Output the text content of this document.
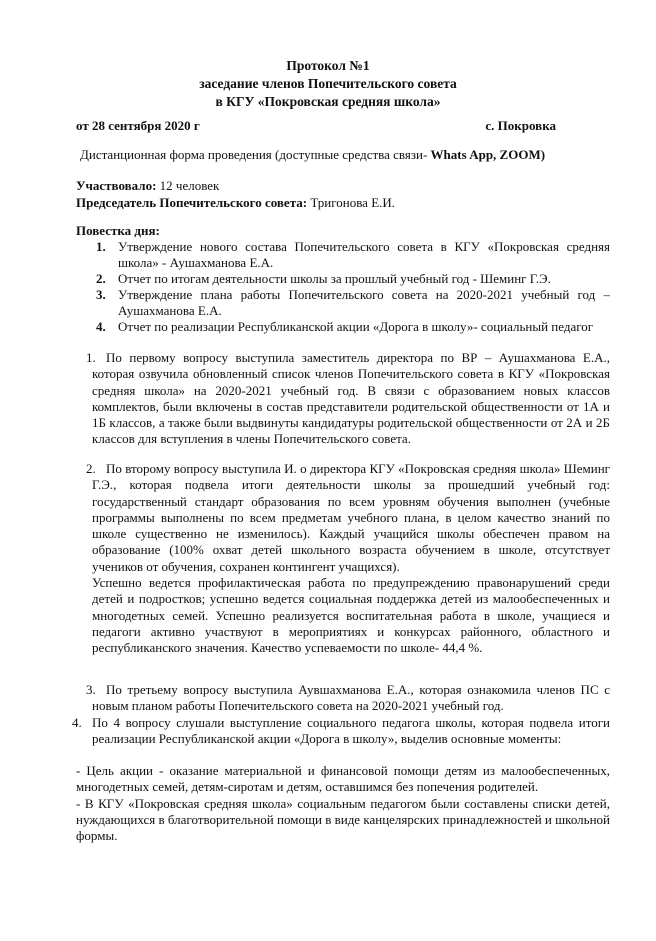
Протокол №1
заседание членов Попечительского совета
в КГУ «Покровская средняя школа»
от 28 сентября 2020 г	с. Покровка
Дистанционная форма проведения (доступные средства связи- Whats App, ZOOM)
Участвовало: 12 человек
Председатель Попечительского совета: Тригонова Е.И.
Повестка дня:
1. Утверждение нового состава Попечительского совета в КГУ «Покровская средняя школа» - Аушахманова Е.А.
2. Отчет по итогам деятельности школы за прошлый учебный год - Шеминг Г.Э.
3. Утверждение плана работы Попечительского совета на 2020-2021 учебный год – Аушахманова Е.А.
4. Отчет по реализации Республиканской акции «Дорога в школу»- социальный педагог
1. По первому вопросу выступила заместитель директора по ВР – Аушахманова Е.А., которая озвучила обновленный список членов Попечительского совета в КГУ «Покровская средняя школа» на 2020-2021 учебный год. В связи с образованием новых классов комплектов, были включены в состав представители родительской общественности от 1А и 1Б классов, а также были выдвинуты кандидатуры родительской общественности от 2А и 2Б классов для вступления в члены Попечительского совета.
2. По второму вопросу выступила И. о директора КГУ «Покровская средняя школа» Шеминг Г.Э., которая подвела итоги деятельности школы за прошедший учебный год: государственный стандарт образования по всем уровням обучения выполнен (учебные программы выполнены по всем предметам учебного плана, в целом качество знаний по школе существенно не изменилось). Каждый учащийся школы обеспечен правом на образование (100% охват детей школьного возраста обучением в школе, отсутствует учеников от обучения, сохранен контингент учащихся).
Успешно ведется профилактическая работа по предупреждению правонарушений среди детей и подростков; успешно ведется социальная поддержка детей из малообеспеченных и многодетных семей. Успешно реализуется воспитательная работа в школе, учащиеся и педагоги активно участвуют в мероприятиях и конкурсах районного, областного и республиканского значения. Качество успеваемости по школе- 44,4 %.
3. По третьему вопросу выступила Аувшахманова Е.А., которая ознакомила членов ПС с новым планом работы Попечительского совета на 2020-2021 учебный год.
4. По 4 вопросу слушали выступление социального педагога школы, которая подвела итоги реализации Республиканской акции «Дорога в школу», выделив основные моменты:

- Цель акции - оказание материальной и финансовой помощи детям из малообеспеченных, многодетных семей, детям-сиротам и детям, оставшимся без попечения родителей.

- В КГУ «Покровская средняя школа» социальным педагогом были составлены списки детей, нуждающихся в благотворительной помощи в виде канцелярских принадлежностей и школьной формы.
